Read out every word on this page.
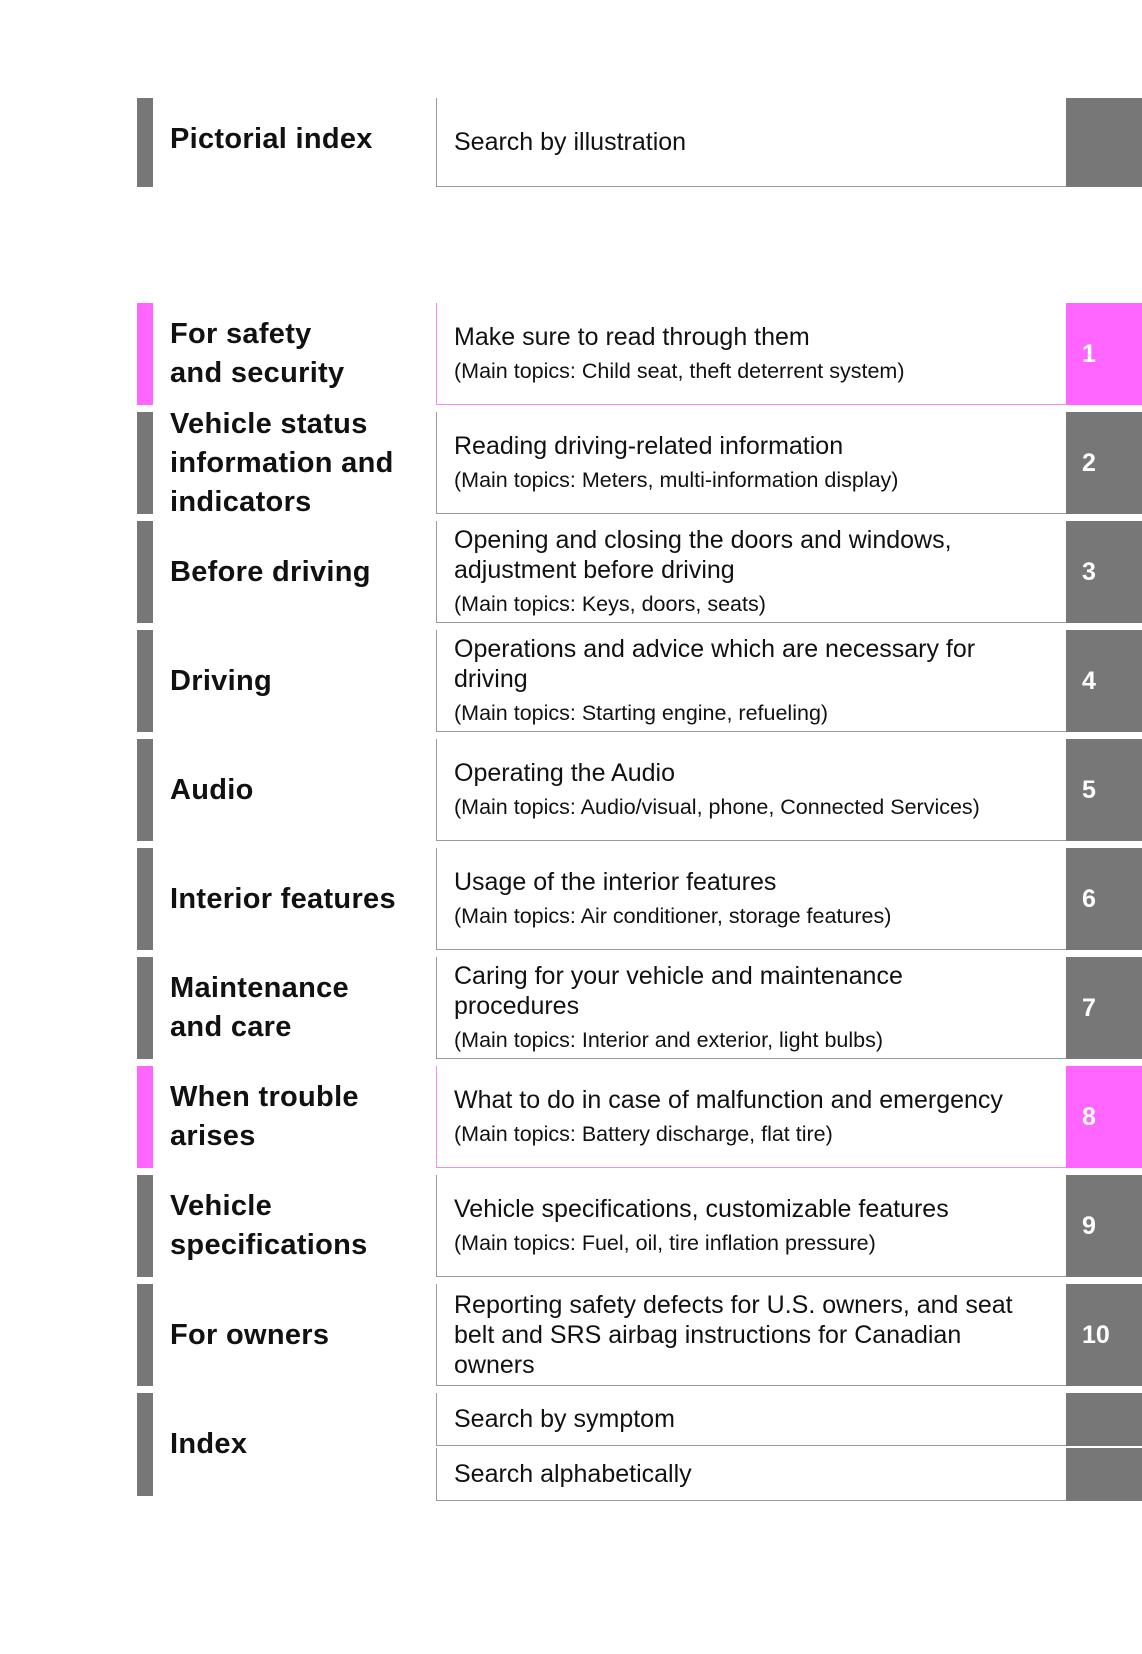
Pictorial index	Search by illustration
For safety
and security
Make sure to read through them
(Main topics: Child seat, theft deterrent system)
1
Vehicle status
information and
indicators
Reading driving-related information
(Main topics: Meters, multi-information display)
2
Before driving
Opening and closing the doors and windows,
adjustment before driving
(Main topics: Keys, doors, seats)
3
Driving
Operations and advice which are necessary for
driving
(Main topics: Starting engine, refueling)
4
Audio
Operating the Audio
(Main topics: Audio/visual, phone, Connected Services)
5
Interior features
Usage of the interior features
(Main topics: Air conditioner, storage features)
6
Maintenance
and care
Caring for your vehicle and maintenance
procedures
(Main topics: Interior and exterior, light bulbs)
7
When trouble
arises
What to do in case of malfunction and emergency
(Main topics: Battery discharge, flat tire)
8
Vehicle
specifications
Vehicle specifications, customizable features
(Main topics: Fuel, oil, tire inflation pressure)
9
For owners
Reporting safety defects for U.S. owners, and seat
belt and SRS airbag instructions for Canadian
owners
10
Index
Search by symptom
Search alphabetically
